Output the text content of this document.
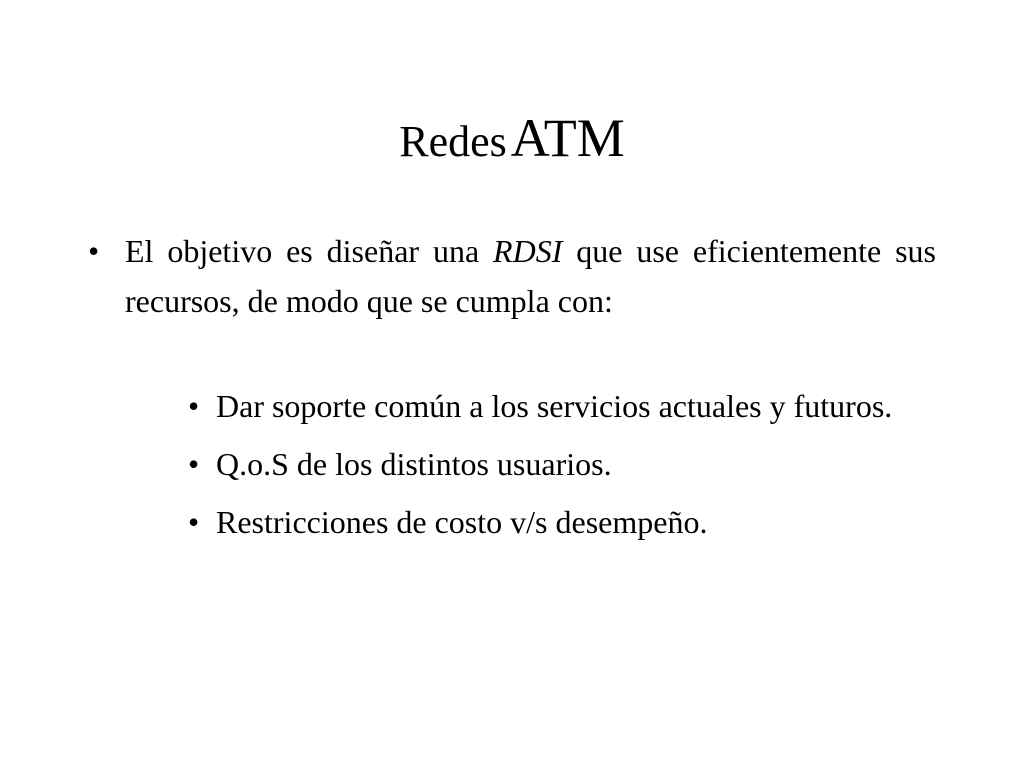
Redes ATM
• El objetivo es diseñar una RDSI que use eficientemente sus recursos, de modo que se cumpla con:
• Dar soporte común a los servicios actuales y futuros.
• Q.o.S de los distintos usuarios.
• Restricciones de costo v/s desempeño.
